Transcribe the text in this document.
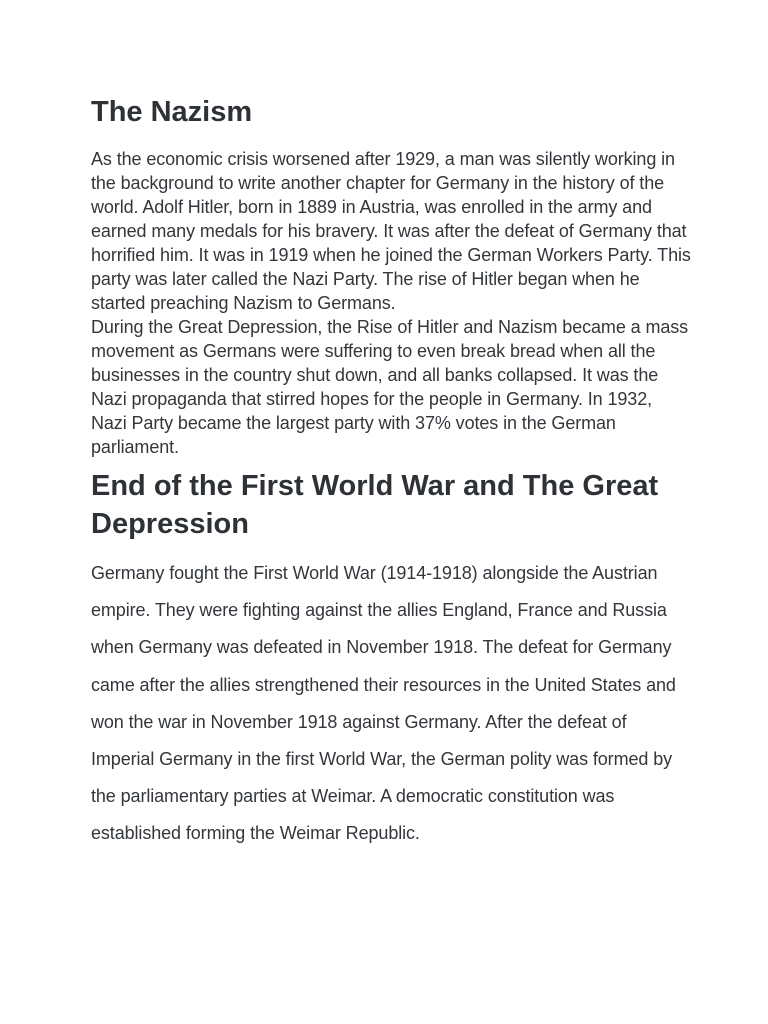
The Nazism

As the economic crisis worsened after 1929, a man was silently working in the background to write another chapter for Germany in the history of the world. Adolf Hitler, born in 1889 in Austria, was enrolled in the army and earned many medals for his bravery. It was after the defeat of Germany that horrified him. It was in 1919 when he joined the German Workers Party. This party was later called the Nazi Party. The rise of Hitler began when he started preaching Nazism to Germans.

During the Great Depression, the Rise of Hitler and Nazism became a mass movement as Germans were suffering to even break bread when all the businesses in the country shut down, and all banks collapsed. It was the Nazi propaganda that stirred hopes for the people in Germany. In 1932, Nazi Party became the largest party with 37% votes in the German parliament.

End of the First World War and The Great Depression

Germany fought the First World War (1914-1918) alongside the Austrian empire. They were fighting against the allies England, France and Russia when Germany was defeated in November 1918. The defeat for Germany came after the allies strengthened their resources in the United States and won the war in November 1918 against Germany. After the defeat of Imperial Germany in the first World War, the German polity was formed by the parliamentary parties at Weimar. A democratic constitution was established forming the Weimar Republic.
